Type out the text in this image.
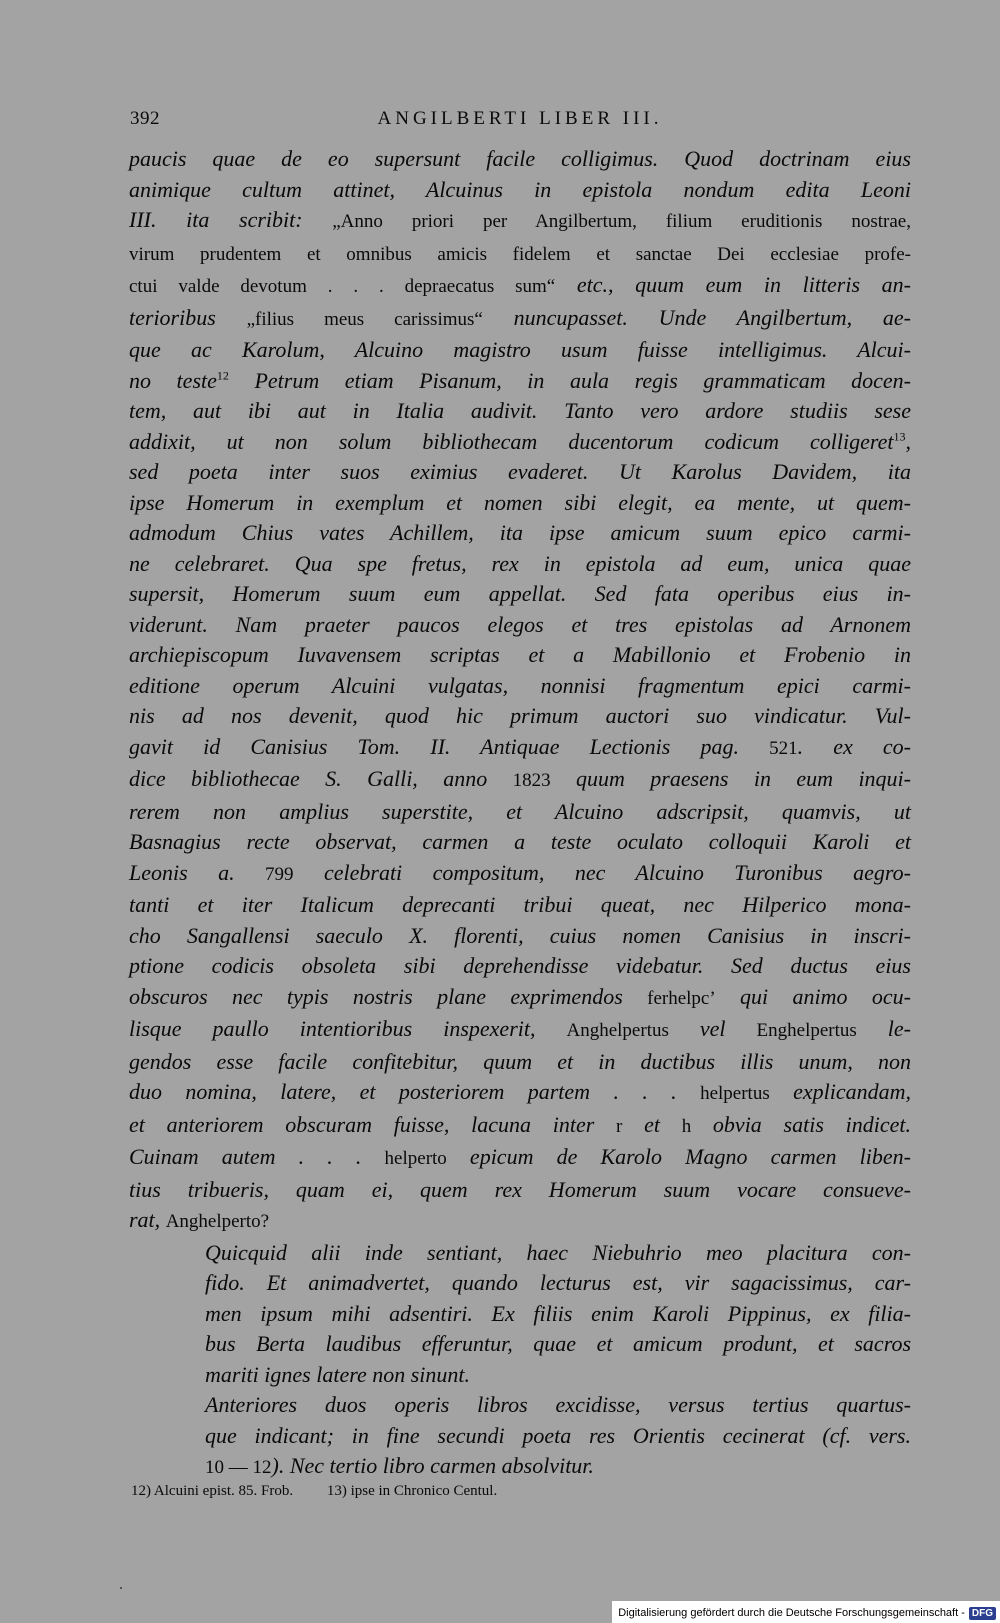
392	ANGILBERTI LIBER III.
paucis quae de eo supersunt facile colligimus. Quod doctrinam eius
animique cultum attinet, Alcuinus in epistola nondum edita Leoni
III. ita scribit: „Anno priori per Angilbertum, filium eruditionis nostrae,
virum prudentem et omnibus amicis fidelem et sanctae Dei ecclesiae profe-
ctui valde devotum . . . depraecatus sum“ etc., quum eum in litteris an-
terioribus „filius meus carissimus“ nuncupasset. Unde Angilbertum, ae-
que ac Karolum, Alcuino magistro usum fuisse intelligimus. Alcui-
no teste$^{12}$ Petrum etiam Pisanum, in aula regis grammaticam docen-
tem, aut ibi aut in Italia audivit. Tanto vero ardore studiis sese
addixit, ut non solum bibliothecam ducentorum codicum colligeret$^{13}$,
sed poeta inter suos eximius evaderet. Ut Karolus Davidem, ita
ipse Homerum in exemplum et nomen sibi elegit, ea mente, ut quem-
admodum Chius vates Achillem, ita ipse amicum suum epico carmi-
ne celebraret. Qua spe fretus, rex in epistola ad eum, unica quae
supersit, Homerum suum eum appellat. Sed fata operibus eius in-
viderunt. Nam praeter paucos elegos et tres epistolas ad Arnonem
archiepiscopum Iuvavensem scriptas et a Mabillonio et Frobenio in
editione operum Alcuini vulgatas, nonnisi fragmentum epici carmi-
nis ad nos devenit, quod hic primum auctori suo vindicatur. Vul-
gavit id Canisius Tom. II. Antiquae Lectionis pag. 521. ex co-
dice bibliothecae S. Galli, anno 1823 quum praesens in eum inqui-
rerem non amplius superstite, et Alcuino adscripsit, quamvis, ut
Basnagius recte observat, carmen a teste oculato colloquii Karoli et
Leonis a. 799 celebrati compositum, nec Alcuino Turonibus aegro-
tanti et iter Italicum deprecanti tribui queat, nec Hilperico mona-
cho Sangallensi saeculo X. florenti, cuius nomen Canisius in inscri-
ptione codicis obsoleta sibi deprehendisse videbatur. Sed ductus eius
obscuros nec typis nostris plane exprimendos ferhelpc’ qui animo ocu-
lisque paullo intentioribus inspexerit, Anghelpertus vel Enghelpertus le-
gendos esse facile confitebitur, quum et in ductibus illis unum, non
duo nomina, latere, et posteriorem partem . . . helpertus explicandam,
et anteriorem obscuram fuisse, lacuna inter r et h obvia satis indicet.
Cuinam autem . . . helperto epicum de Karolo Magno carmen liben-
tius tribueris, quam ei, quem rex Homerum suum vocare consueve-
rat, Anghelperto?
Quicquid alii inde sentiant, haec Niebuhrio meo placitura con-
fido. Et animadvertet, quando lecturus est, vir sagacissimus, car-
men ipsum mihi adsentiri. Ex filiis enim Karoli Pippinus, ex filia-
bus Berta laudibus efferuntur, quae et amicum produnt, et sacros
mariti ignes latere non sinunt.
Anteriores duos operis libros excidisse, versus tertius quartus-
que indicant; in fine secundi poeta res Orientis cecinerat (cf. vers.
10 — 12). Nec tertio libro carmen absolvitur.
12) Alcuini epist. 85. Frob. 13) ipse in Chronico Centul.
Digitalisierung gefördert durch die Deutsche Forschungsgemeinschaft - DFG
